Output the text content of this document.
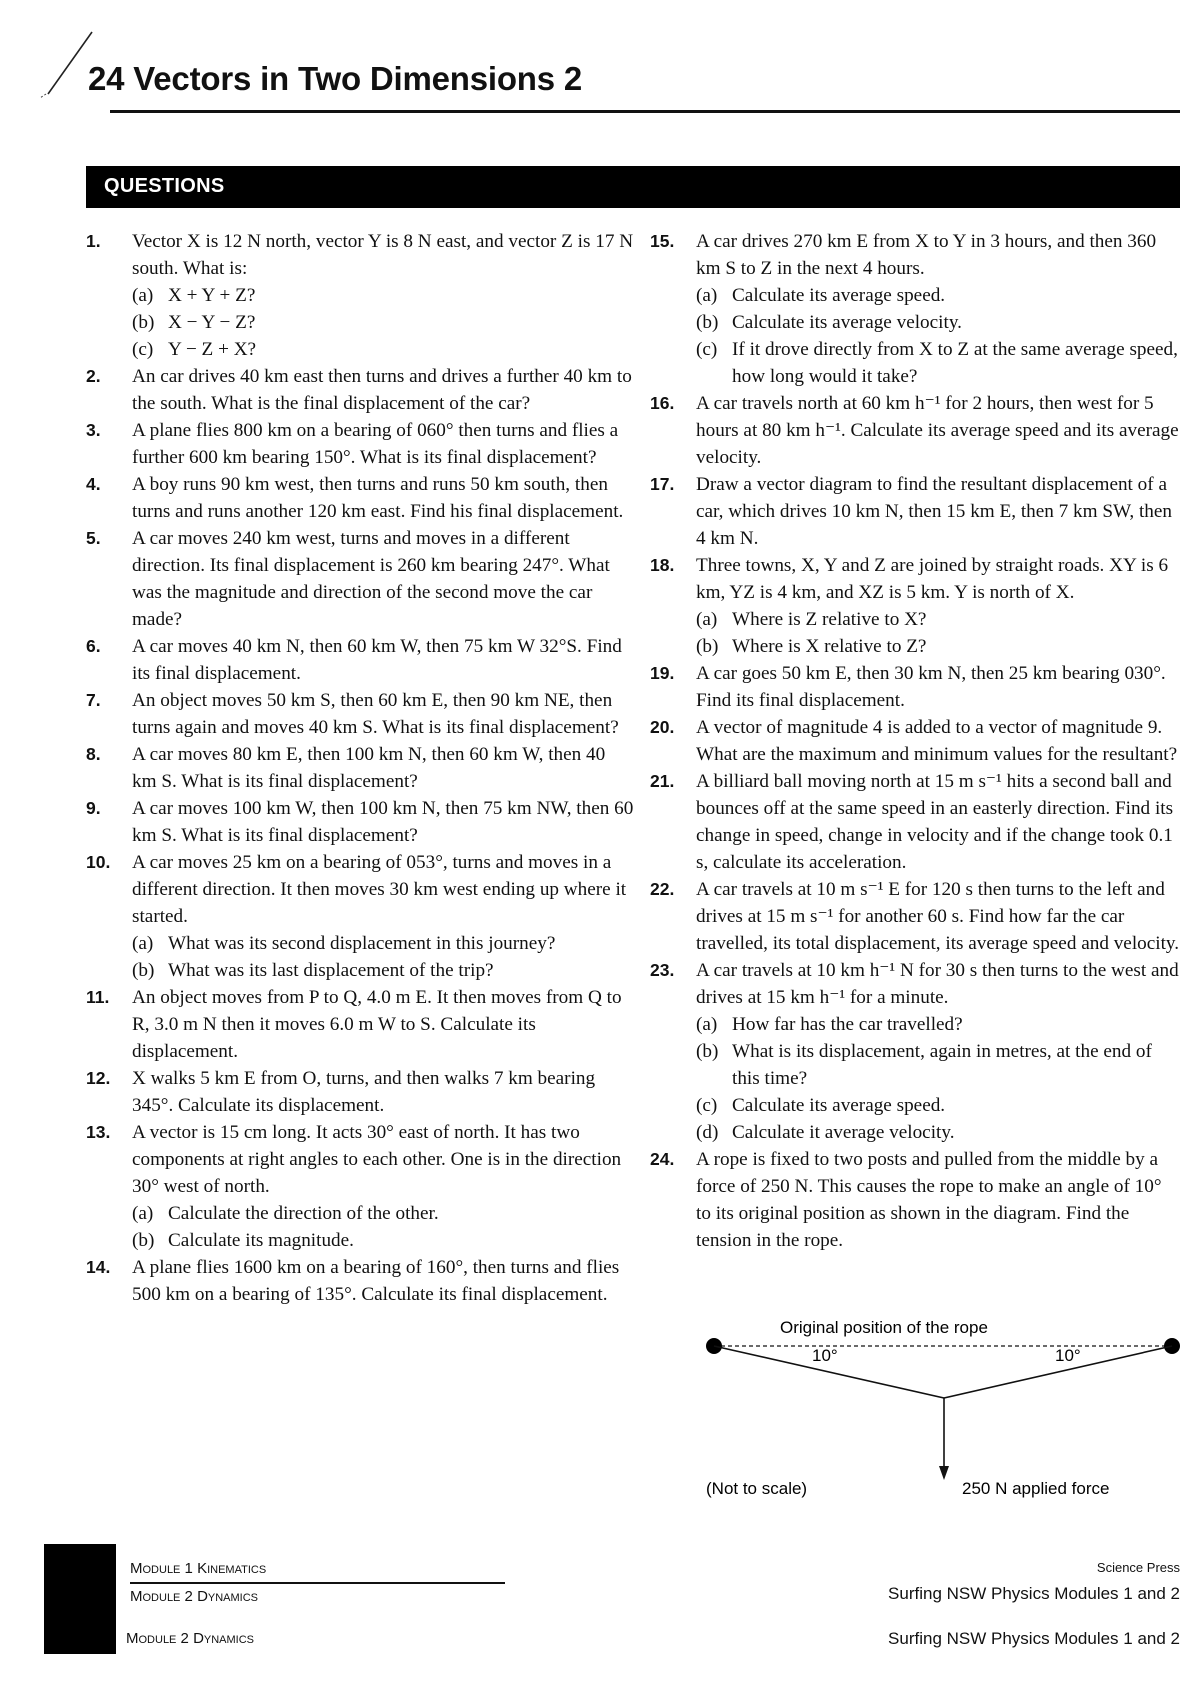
24 Vectors in Two Dimensions 2
QUESTIONS
1. Vector X is 12 N north, vector Y is 8 N east, and vector Z is 17 N south. What is:
(a) X + Y + Z?
(b) X − Y − Z?
(c) Y − Z + X?
2. An car drives 40 km east then turns and drives a further 40 km to the south. What is the final displacement of the car?
3. A plane flies 800 km on a bearing of 060° then turns and flies a further 600 km bearing 150°. What is its final displacement?
4. A boy runs 90 km west, then turns and runs 50 km south, then turns and runs another 120 km east. Find his final displacement.
5. A car moves 240 km west, turns and moves in a different direction. Its final displacement is 260 km bearing 247°. What was the magnitude and direction of the second move the car made?
6. A car moves 40 km N, then 60 km W, then 75 km W 32°S. Find its final displacement.
7. An object moves 50 km S, then 60 km E, then 90 km NE, then turns again and moves 40 km S. What is its final displacement?
8. A car moves 80 km E, then 100 km N, then 60 km W, then 40 km S. What is its final displacement?
9. A car moves 100 km W, then 100 km N, then 75 km NW, then 60 km S. What is its final displacement?
10. A car moves 25 km on a bearing of 053°, turns and moves in a different direction. It then moves 30 km west ending up where it started.
(a) What was its second displacement in this journey?
(b) What was its last displacement of the trip?
11. An object moves from P to Q, 4.0 m E. It then moves from Q to R, 3.0 m N then it moves 6.0 m W to S. Calculate its displacement.
12. X walks 5 km E from O, turns, and then walks 7 km bearing 345°. Calculate its displacement.
13. A vector is 15 cm long. It acts 30° east of north. It has two components at right angles to each other. One is in the direction 30° west of north.
(a) Calculate the direction of the other.
(b) Calculate its magnitude.
14. A plane flies 1600 km on a bearing of 160°, then turns and flies 500 km on a bearing of 135°. Calculate its final displacement.
15. A car drives 270 km E from X to Y in 3 hours, and then 360 km S to Z in the next 4 hours.
(a) Calculate its average speed.
(b) Calculate its average velocity.
(c) If it drove directly from X to Z at the same average speed, how long would it take?
16. A car travels north at 60 km h⁻¹ for 2 hours, then west for 5 hours at 80 km h⁻¹. Calculate its average speed and its average velocity.
17. Draw a vector diagram to find the resultant displacement of a car, which drives 10 km N, then 15 km E, then 7 km SW, then 4 km N.
18. Three towns, X, Y and Z are joined by straight roads. XY is 6 km, YZ is 4 km, and XZ is 5 km. Y is north of X.
(a) Where is Z relative to X?
(b) Where is X relative to Z?
19. A car goes 50 km E, then 30 km N, then 25 km bearing 030°. Find its final displacement.
20. A vector of magnitude 4 is added to a vector of magnitude 9. What are the maximum and minimum values for the resultant?
21. A billiard ball moving north at 15 m s⁻¹ hits a second ball and bounces off at the same speed in an easterly direction. Find its change in speed, change in velocity and if the change took 0.1 s, calculate its acceleration.
22. A car travels at 10 m s⁻¹ E for 120 s then turns to the left and drives at 15 m s⁻¹ for another 60 s. Find how far the car travelled, its total displacement, its average speed and velocity.
23. A car travels at 10 km h⁻¹ N for 30 s then turns to the west and drives at 15 km h⁻¹ for a minute.
(a) How far has the car travelled?
(b) What is its displacement, again in metres, at the end of this time?
(c) Calculate its average speed.
(d) Calculate it average velocity.
24. A rope is fixed to two posts and pulled from the middle by a force of 250 N. This causes the rope to make an angle of 10° to its original position as shown in the diagram. Find the tension in the rope.
Original position of the rope
10°	10°
(Not to scale)	250 N applied force
Module 1 Kinematics
Module 2 Dynamics
Module 2 Dynamics
Science Press
Surfing NSW Physics Modules 1 and 2
Surfing NSW Physics Modules 1 and 2
